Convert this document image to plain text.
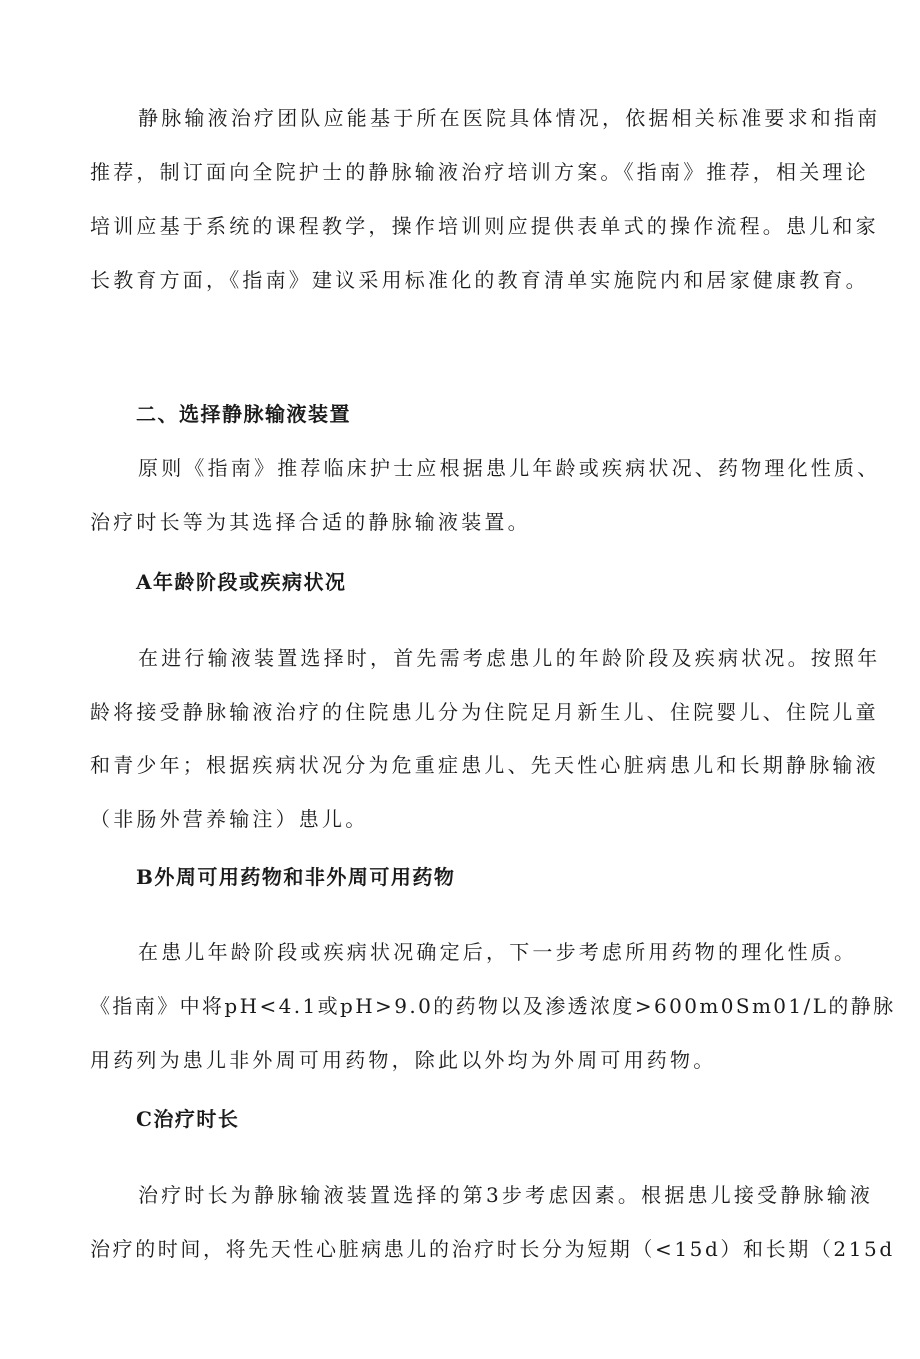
静脉输液治疗团队应能基于所在医院具体情况，依据相关标准要求和指南
推荐，制订面向全院护士的静脉输液治疗培训方案。《指南》推荐，相关理论
培训应基于系统的课程教学，操作培训则应提供表单式的操作流程。患儿和家
长教育方面，《指南》建议采用标准化的教育清单实施院内和居家健康教育。
二、选择静脉输液装置
原则《指南》推荐临床护士应根据患儿年龄或疾病状况、药物理化性质、
治疗时长等为其选择合适的静脉输液装置。
A年龄阶段或疾病状况
在进行输液装置选择时，首先需考虑患儿的年龄阶段及疾病状况。按照年
龄将接受静脉输液治疗的住院患儿分为住院足月新生儿、住院婴儿、住院儿童
和青少年；根据疾病状况分为危重症患儿、先天性心脏病患儿和长期静脉输液
（非肠外营养输注）患儿。
B外周可用药物和非外周可用药物
在患儿年龄阶段或疾病状况确定后，下一步考虑所用药物的理化性质。
《指南》中将pH<4.1或pH>9.0的药物以及渗透浓度>600m0Sm01/L的静脉
用药列为患儿非外周可用药物，除此以外均为外周可用药物。
C治疗时长
治疗时长为静脉输液装置选择的第3步考虑因素。根据患儿接受静脉输液
治疗的时间，将先天性心脏病患儿的治疗时长分为短期（<15d）和长期（215d
